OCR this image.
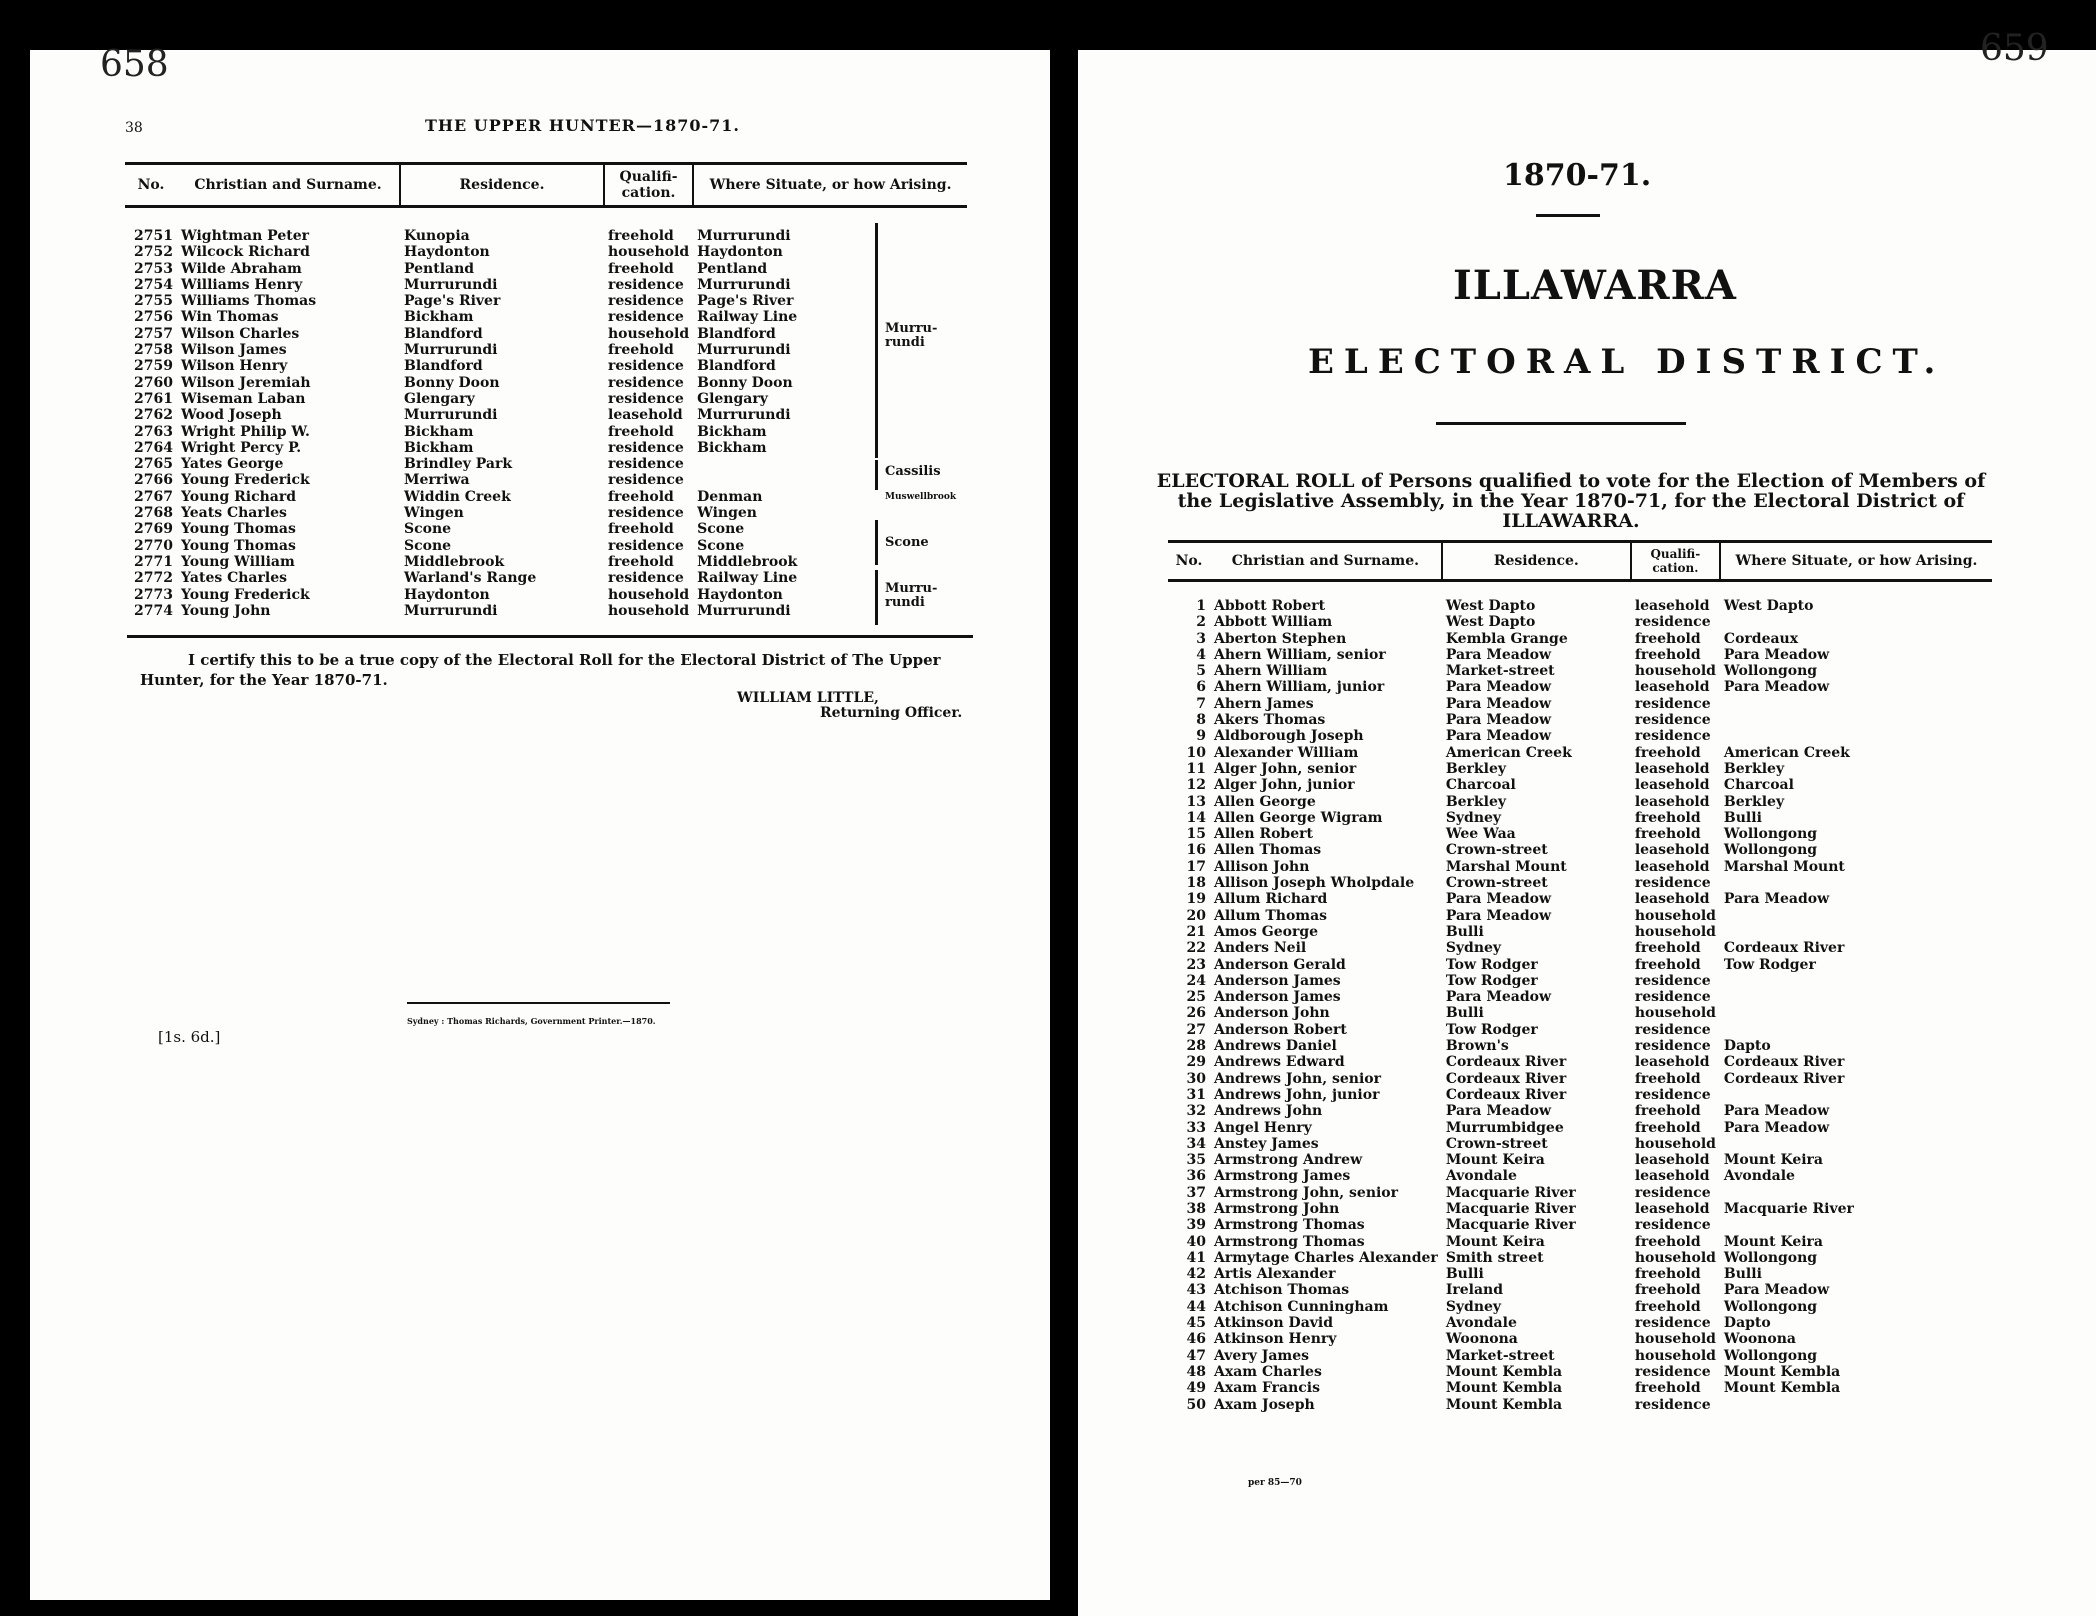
658
38	THE UPPER HUNTER—1870-71.
No.	Christian and Surname.	Residence.	Qualifi- cation.	Where Situate, or how Arising.
2751	Wightman Peter	Kunopia	freehold	Murrurundi
2752	Wilcock Richard	Haydonton	household	Haydonton
2753	Wilde Abraham	Pentland	freehold	Pentland
2754	Williams Henry	Murrurundi	residence	Murrurundi
2755	Williams Thomas	Page's River	residence	Page's River
2756	Win Thomas	Bickham	residence	Railway Line
2757	Wilson Charles	Blandford	household	Blandford
2758	Wilson James	Murrurundi	freehold	Murrurundi
2759	Wilson Henry	Blandford	residence	Blandford
2760	Wilson Jeremiah	Bonny Doon	residence	Bonny Doon
2761	Wiseman Laban	Glengary	residence	Glengary
2762	Wood Joseph	Murrurundi	leasehold	Murrurundi
2763	Wright Philip W.	Bickham	freehold	Bickham
2764	Wright Percy P.	Bickham	residence	Bickham
2765	Yates George	Brindley Park	residence	
2766	Young Frederick	Merriwa	residence	
2767	Young Richard	Widdin Creek	freehold	Denman
2768	Yeats Charles	Wingen	residence	Wingen
2769	Young Thomas	Scone	freehold	Scone
2770	Young Thomas	Scone	residence	Scone
2771	Young William	Middlebrook	freehold	Middlebrook
2772	Yates Charles	Warland's Range	residence	Railway Line
2773	Young Frederick	Haydonton	household	Haydonton
2774	Young John	Murrurundi	household	Murrurundi
Murru- rundi
Cassilis
Muswellbrook
Scone
Murru- rundi
I certify this to be a true copy of the Electoral Roll for the Electoral District of The Upper Hunter, for the Year 1870-71.
WILLIAM LITTLE,
Returning Officer.
Sydney : Thomas Richards, Government Printer.—1870.
[1s. 6d.]
659
1870-71.
ILLAWARRA
ELECTORAL DISTRICT.
ELECTORAL ROLL of Persons qualified to vote for the Election of Members of the Legislative Assembly, in the Year 1870-71, for the Electoral District of ILLAWARRA.
No.	Christian and Surname.	Residence.	Qualifi- cation.	Where Situate, or how Arising.
1	Abbott Robert	West Dapto	leasehold	West Dapto
2	Abbott William	West Dapto	residence	
3	Aberton Stephen	Kembla Grange	freehold	Cordeaux
4	Ahern William, senior	Para Meadow	freehold	Para Meadow
5	Ahern William	Market-street	household	Wollongong
6	Ahern William, junior	Para Meadow	leasehold	Para Meadow
7	Ahern James	Para Meadow	residence	
8	Akers Thomas	Para Meadow	residence	
9	Aldborough Joseph	Para Meadow	residence	
10	Alexander William	American Creek	freehold	American Creek
11	Alger John, senior	Berkley	leasehold	Berkley
12	Alger John, junior	Charcoal	leasehold	Charcoal
13	Allen George	Berkley	leasehold	Berkley
14	Allen George Wigram	Sydney	freehold	Bulli
15	Allen Robert	Wee Waa	freehold	Wollongong
16	Allen Thomas	Crown-street	leasehold	Wollongong
17	Allison John	Marshal Mount	leasehold	Marshal Mount
18	Allison Joseph Wholpdale	Crown-street	residence	
19	Allum Richard	Para Meadow	leasehold	Para Meadow
20	Allum Thomas	Para Meadow	household	
21	Amos George	Bulli	household	
22	Anders Neil	Sydney	freehold	Cordeaux River
23	Anderson Gerald	Tow Rodger	freehold	Tow Rodger
24	Anderson James	Tow Rodger	residence	
25	Anderson James	Para Meadow	residence	
26	Anderson John	Bulli	household	
27	Anderson Robert	Tow Rodger	residence	
28	Andrews Daniel	Brown's	residence	Dapto
29	Andrews Edward	Cordeaux River	leasehold	Cordeaux River
30	Andrews John, senior	Cordeaux River	freehold	Cordeaux River
31	Andrews John, junior	Cordeaux River	residence	
32	Andrews John	Para Meadow	freehold	Para Meadow
33	Angel Henry	Murrumbidgee	freehold	Para Meadow
34	Anstey James	Crown-street	household	
35	Armstrong Andrew	Mount Keira	leasehold	Mount Keira
36	Armstrong James	Avondale	leasehold	Avondale
37	Armstrong John, senior	Macquarie River	residence	
38	Armstrong John	Macquarie River	leasehold	Macquarie River
39	Armstrong Thomas	Macquarie River	residence	
40	Armstrong Thomas	Mount Keira	freehold	Mount Keira
41	Armytage Charles Alexander	Smith street	household	Wollongong
42	Artis Alexander	Bulli	freehold	Bulli
43	Atchison Thomas	Ireland	freehold	Para Meadow
44	Atchison Cunningham	Sydney	freehold	Wollongong
45	Atkinson David	Avondale	residence	Dapto
46	Atkinson Henry	Woonona	household	Woonona
47	Avery James	Market-street	household	Wollongong
48	Axam Charles	Mount Kembla	residence	Mount Kembla
49	Axam Francis	Mount Kembla	freehold	Mount Kembla
50	Axam Joseph	Mount Kembla	residence	
per 85—70
